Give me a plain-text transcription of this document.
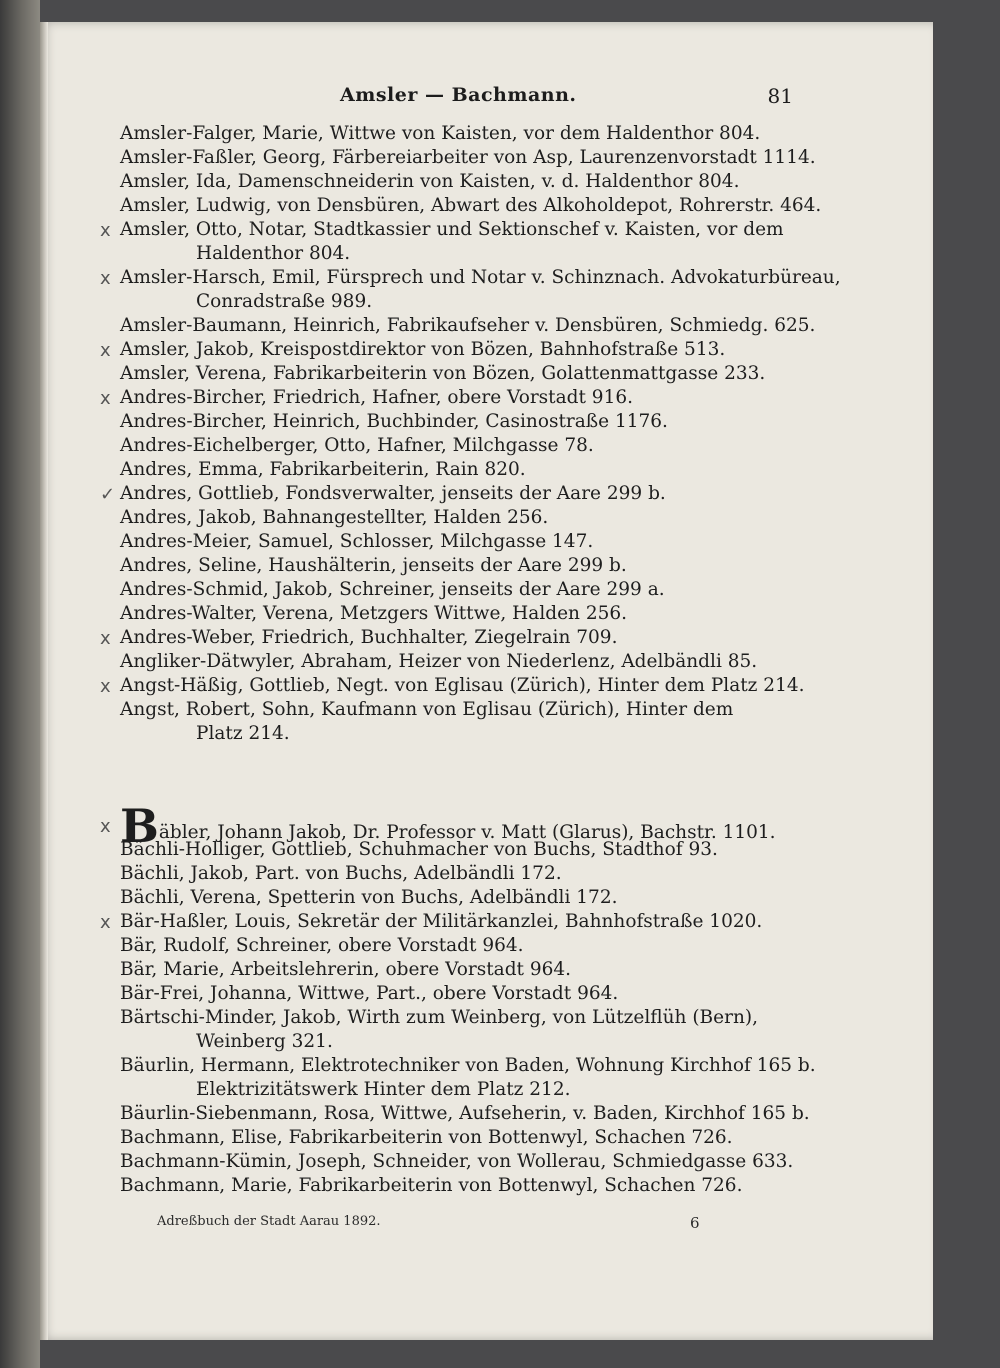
Amsler — Bachmann.	81
Amsler-Falger, Marie, Wittwe von Kaisten, vor dem Haldenthor 804.

Amsler-Faßler, Georg, Färbereiarbeiter von Asp, Laurenzenvorstadt 1114.

Amsler, Ida, Damenschneiderin von Kaisten, v. d. Haldenthor 804.

Amsler, Ludwig, von Densbüren, Abwart des Alkoholdepot, Rohrerstr. 464.

Amsler, Otto, Notar, Stadtkassier und Sektionschef v. Kaisten, vor dem

Haldenthor 804.
x
Amsler-Harsch, Emil, Fürsprech und Notar v. Schinznach. Advokaturbüreau,

Conradstraße 989.
x
Amsler-Baumann, Heinrich, Fabrikaufseher v. Densbüren, Schmiedg. 625.

Amsler, Jakob, Kreispostdirektor von Bözen, Bahnhofstraße 513.

x
Amsler, Verena, Fabrikarbeiterin von Bözen, Golattenmattgasse 233.

Andres-Bircher, Friedrich, Hafner, obere Vorstadt 916.

x
Andres-Bircher, Heinrich, Buchbinder, Casinostraße 1176.

Andres-Eichelberger, Otto, Hafner, Milchgasse 78.

Andres, Emma, Fabrikarbeiterin, Rain 820.

Andres, Gottlieb, Fondsverwalter, jenseits der Aare 299 b.

✓
Andres, Jakob, Bahnangestellter, Halden 256.

Andres-Meier, Samuel, Schlosser, Milchgasse 147.

Andres, Seline, Haushälterin, jenseits der Aare 299 b.

Andres-Schmid, Jakob, Schreiner, jenseits der Aare 299 a.

Andres-Walter, Verena, Metzgers Wittwe, Halden 256.

Andres-Weber, Friedrich, Buchhalter, Ziegelrain 709.

x
Angliker-Dätwyler, Abraham, Heizer von Niederlenz, Adelbändli 85.

Angst-Häßig, Gottlieb, Negt. von Eglisau (Zürich), Hinter dem Platz 214.

x
Angst, Robert, Sohn, Kaufmann von Eglisau (Zürich), Hinter dem

Platz 214.
Bäbler, Johann Jakob, Dr. Professor v. Matt (Glarus), Bachstr. 1101.

x
Bächli-Holliger, Gottlieb, Schuhmacher von Buchs, Stadthof 93.

Bächli, Jakob, Part. von Buchs, Adelbändli 172.

Bächli, Verena, Spetterin von Buchs, Adelbändli 172.

Bär-Haßler, Louis, Sekretär der Militärkanzlei, Bahnhofstraße 1020.

x
Bär, Rudolf, Schreiner, obere Vorstadt 964.

Bär, Marie, Arbeitslehrerin, obere Vorstadt 964.

Bär-Frei, Johanna, Wittwe, Part., obere Vorstadt 964.

Bärtschi-Minder, Jakob, Wirth zum Weinberg, von Lützelflüh (Bern),

Weinberg 321.
Bäurlin, Hermann, Elektrotechniker von Baden, Wohnung Kirchhof 165 b.

Elektrizitätswerk Hinter dem Platz 212.
Bäurlin-Siebenmann, Rosa, Wittwe, Aufseherin, v. Baden, Kirchhof 165 b.

Bachmann, Elise, Fabrikarbeiterin von Bottenwyl, Schachen 726.

Bachmann-Kümin, Joseph, Schneider, von Wollerau, Schmiedgasse 633.

Bachmann, Marie, Fabrikarbeiterin von Bottenwyl, Schachen 726.

Adreßbuch der Stadt Aarau 1892.	6
